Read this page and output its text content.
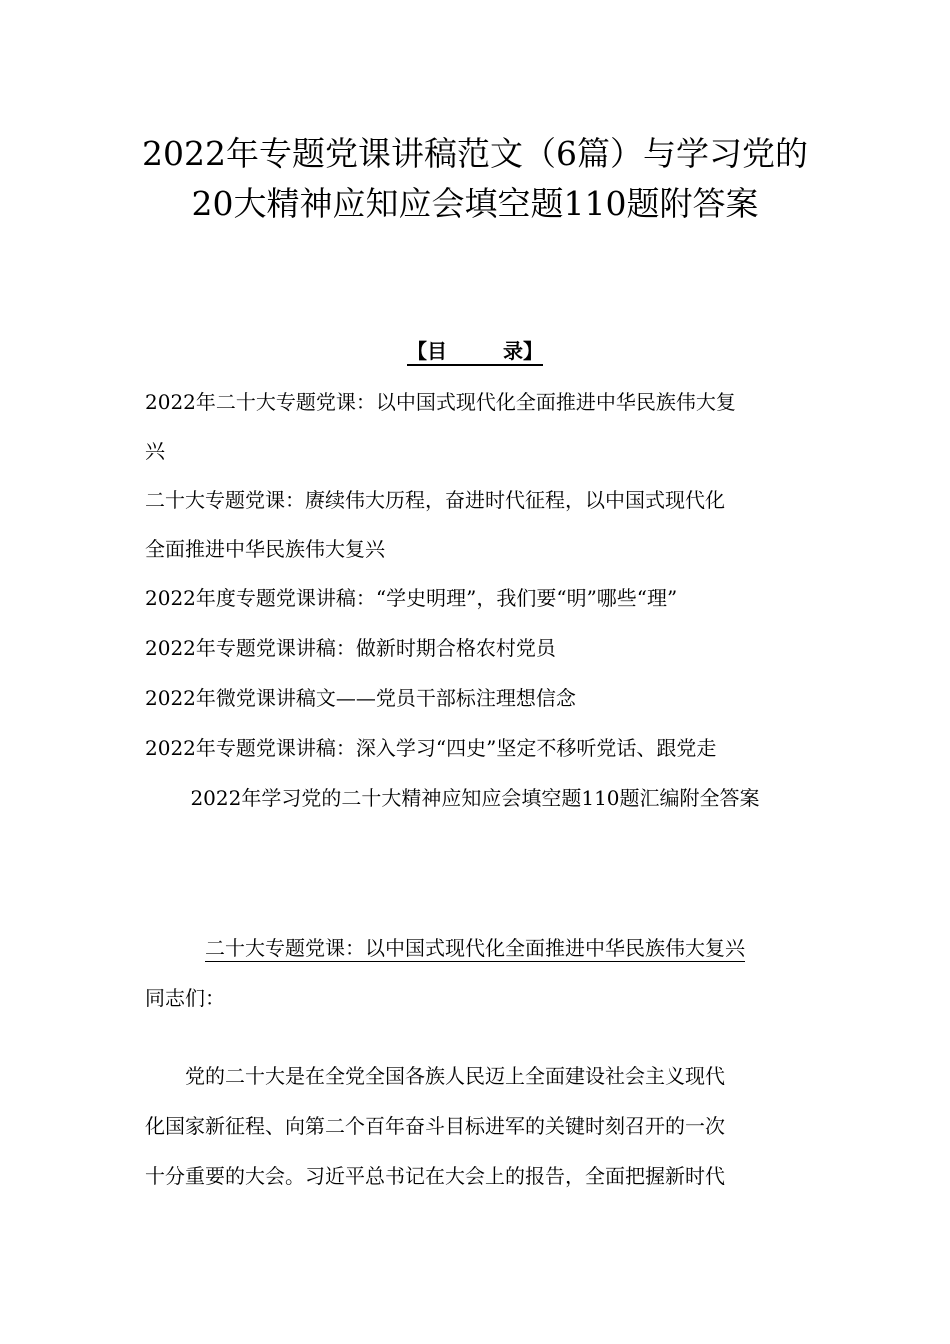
2022年专题党课讲稿范文（6篇）与学习党的
20大精神应知应会填空题110题附答案
【目	录】

2022年二十大专题党课：以中国式现代化全面推进中华民族伟大复

兴

二十大专题党课：赓续伟大历程，奋进时代征程，以中国式现代化

全面推进中华民族伟大复兴

2022年度专题党课讲稿：“学史明理”，我们要“明”哪些“理”

2022年专题党课讲稿：做新时期合格农村党员

2022年微党课讲稿文——党员干部标注理想信念

2022年专题党课讲稿：深入学习“四史”坚定不移听党话、跟党走

2022年学习党的二十大精神应知应会填空题110题汇编附全答案

二十大专题党课：以中国式现代化全面推进中华民族伟大复兴

同志们：

党的二十大是在全党全国各族人民迈上全面建设社会主义现代

化国家新征程、向第二个百年奋斗目标进军的关键时刻召开的一次

十分重要的大会。习近平总书记在大会上的报告，全面把握新时代
